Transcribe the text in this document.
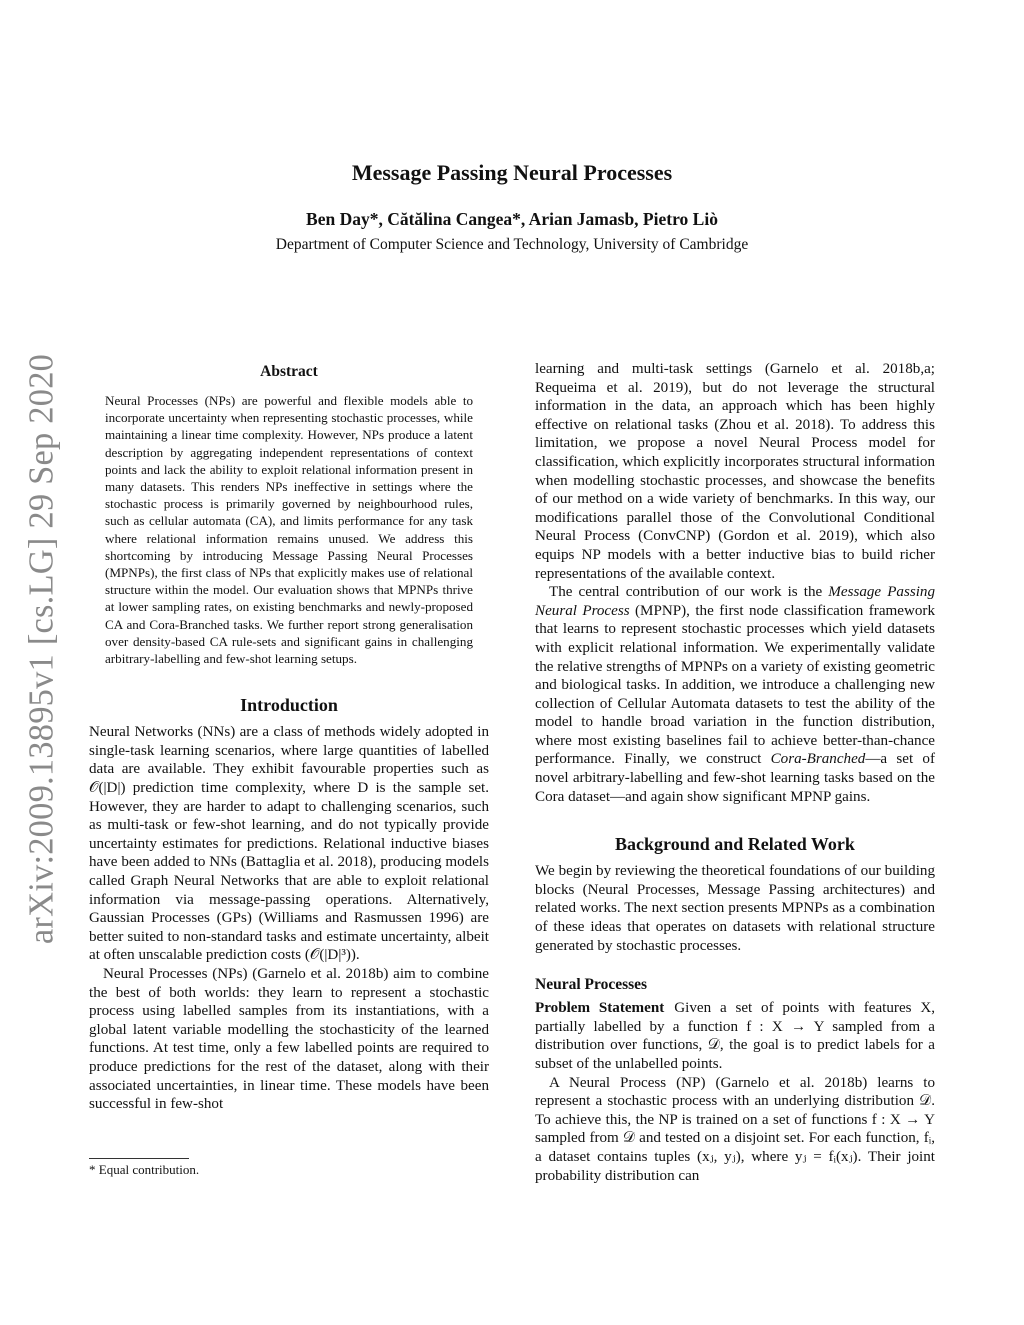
arXiv:2009.13895v1 [cs.LG] 29 Sep 2020
Message Passing Neural Processes
Ben Day*, Cătălina Cangea*, Arian Jamasb, Pietro Liò
Department of Computer Science and Technology, University of Cambridge
Abstract
Neural Processes (NPs) are powerful and flexible models able to incorporate uncertainty when representing stochastic processes, while maintaining a linear time complexity. However, NPs produce a latent description by aggregating independent representations of context points and lack the ability to exploit relational information present in many datasets. This renders NPs ineffective in settings where the stochastic process is primarily governed by neighbourhood rules, such as cellular automata (CA), and limits performance for any task where relational information remains unused. We address this shortcoming by introducing Message Passing Neural Processes (MPNPs), the first class of NPs that explicitly makes use of relational structure within the model. Our evaluation shows that MPNPs thrive at lower sampling rates, on existing benchmarks and newly-proposed CA and Cora-Branched tasks. We further report strong generalisation over density-based CA rule-sets and significant gains in challenging arbitrary-labelling and few-shot learning setups.
Introduction

Neural Networks (NNs) are a class of methods widely adopted in single-task learning scenarios, where large quantities of labelled data are available. They exhibit favourable properties such as 𝒪(|D|) prediction time complexity, where D is the sample set. However, they are harder to adapt to challenging scenarios, such as multi-task or few-shot learning, and do not typically provide uncertainty estimates for predictions. Relational inductive biases have been added to NNs (Battaglia et al. 2018), producing models called Graph Neural Networks that are able to exploit relational information via message-passing operations. Alternatively, Gaussian Processes (GPs) (Williams and Rasmussen 1996) are better suited to non-standard tasks and estimate uncertainty, albeit at often unscalable prediction costs (𝒪(|D|³)).

Neural Processes (NPs) (Garnelo et al. 2018b) aim to combine the best of both worlds: they learn to represent a stochastic process using labelled samples from its instantiations, with a global latent variable modelling the stochasticity of the learned functions. At test time, only a few labelled points are required to produce predictions for the rest of the dataset, along with their associated uncertainties, in linear time. These models have been successful in few-shot

* Equal contribution.

learning and multi-task settings (Garnelo et al. 2018b,a; Requeima et al. 2019), but do not leverage the structural information in the data, an approach which has been highly effective on relational tasks (Zhou et al. 2018). To address this limitation, we propose a novel Neural Process model for classification, which explicitly incorporates structural information when modelling stochastic processes, and showcase the benefits of our method on a wide variety of benchmarks. In this way, our modifications parallel those of the Convolutional Conditional Neural Process (ConvCNP) (Gordon et al. 2019), which also equips NP models with a better inductive bias to build richer representations of the available context.

The central contribution of our work is the Message Passing Neural Process (MPNP), the first node classification framework that learns to represent stochastic processes which yield datasets with explicit relational information. We experimentally validate the relative strengths of MPNPs on a variety of existing geometric and biological tasks. In addition, we introduce a challenging new collection of Cellular Automata datasets to test the ability of the model to handle broad variation in the function distribution, where most existing baselines fail to achieve better-than-chance performance. Finally, we construct Cora-Branched—a set of novel arbitrary-labelling and few-shot learning tasks based on the Cora dataset—and again show significant MPNP gains.

Background and Related Work

We begin by reviewing the theoretical foundations of our building blocks (Neural Processes, Message Passing architectures) and related works. The next section presents MPNPs as a combination of these ideas that operates on datasets with relational structure generated by stochastic processes.

Neural Processes

Problem Statement Given a set of points with features X, partially labelled by a function f : X → Y sampled from a distribution over functions, 𝒟, the goal is to predict labels for a subset of the unlabelled points.

A Neural Process (NP) (Garnelo et al. 2018b) learns to represent a stochastic process with an underlying distribution 𝒟. To achieve this, the NP is trained on a set of functions f : X → Y sampled from 𝒟 and tested on a disjoint set. For each function, fᵢ, a dataset contains tuples (xⱼ, yⱼ), where yⱼ = fᵢ(xⱼ). Their joint probability distribution can
